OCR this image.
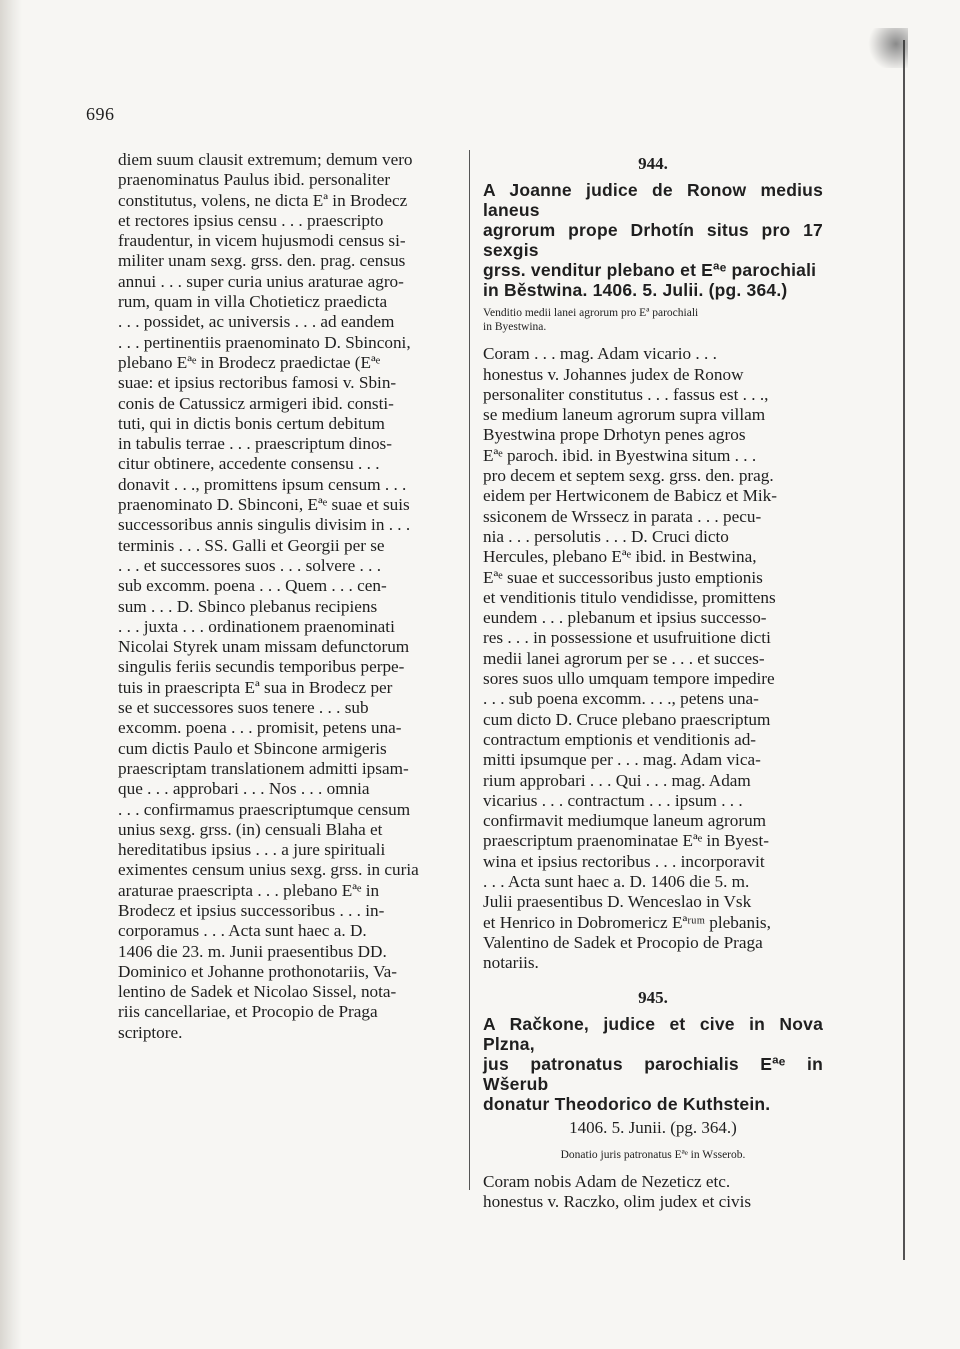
696

diem suum clausit extremum; demum vero

praenominatus Paulus ibid. personaliter

constitutus, volens, ne dicta Eª in Brodecz

et rectores ipsius censu . . . praescripto

fraudentur, in vicem hujusmodi census si-

militer unam sexg. grss. den. prag. census

annui . . . super curia unius araturae agro-

rum, quam in villa Chotieticz praedicta

. . . possidet, ac universis . . . ad eandem

. . . pertinentiis praenominato D. Sbinconi,

plebano Eªᵉ in Brodecz praedictae (Eªᵉ

suae: et ipsius rectoribus famosi v. Sbin-

conis de Catussicz armigeri ibid. consti-

tuti, qui in dictis bonis certum debitum

in tabulis terrae . . . praescriptum dinos-

citur obtinere, accedente consensu . . .

donavit . . ., promittens ipsum censum . . .

praenominato D. Sbinconi, Eªᵉ suae et suis

successoribus annis singulis divisim in . . .

terminis . . . SS. Galli et Georgii per se

. . . et successores suos . . . solvere . . .

sub excomm. poena . . . Quem . . . cen-

sum . . . D. Sbinco plebanus recipiens

. . . juxta . . . ordinationem praenominati

Nicolai Styrek unam missam defunctorum

singulis feriis secundis temporibus perpe-

tuis in praescripta Eª sua in Brodecz per

se et successores suos tenere . . . sub

excomm. poena . . . promisit, petens una-

cum dictis Paulo et Sbincone armigeris

praescriptam translationem admitti ipsam-

que . . . approbari . . . Nos . . . omnia

. . . confirmamus praescriptumque censum

unius sexg. grss. (in) censuali Blaha et

hereditatibus ipsius . . . a jure spirituali

eximentes censum unius sexg. grss. in curia

araturae praescripta . . . plebano Eªᵉ in

Brodecz et ipsius successoribus . . . in-

corporamus . . . Acta sunt haec a. D.

1406 die 23. m. Junii praesentibus DD.

Dominico et Johanne prothonotariis, Va-

lentino de Sadek et Nicolao Sissel, nota-

riis cancellariae, et Procopio de Praga

scriptore.

944.

A Joanne judice de Ronow medius laneus

agrorum prope Drhotín situs pro 17 sexgis

grss. venditur plebano et Eªᵉ parochiali

in Běstwina. 1406. 5. Julii. (pg. 364.)

Venditio medii lanei agrorum pro Eª parochiali

in Byestwina.

Coram . . . mag. Adam vicario . . .

honestus v. Johannes judex de Ronow

personaliter constitutus . . . fassus est . . .,

se medium laneum agrorum supra villam

Byestwina prope Drhotyn penes agros

Eªᵉ paroch. ibid. in Byestwina situm . . .

pro decem et septem sexg. grss. den. prag.

eidem per Hertwiconem de Babicz et Mik-

ssiconem de Wrssecz in parata . . . pecu-

nia . . . persolutis . . . D. Cruci dicto

Hercules, plebano Eªᵉ ibid. in Bestwina,

Eªᵉ suae et successoribus justo emptionis

et venditionis titulo vendidisse, promittens

eundem . . . plebanum et ipsius successo-

res . . . in possessione et usufruitione dicti

medii lanei agrorum per se . . . et succes-

sores suos ullo umquam tempore impedire

. . . sub poena excomm. . . ., petens una-

cum dicto D. Cruce plebano praescriptum

contractum emptionis et venditionis ad-

mitti ipsumque per . . . mag. Adam vica-

rium approbari . . . Qui . . . mag. Adam

vicarius . . . contractum . . . ipsum . . .

confirmavit mediumque laneum agrorum

praescriptum praenominatae Eªᵉ in Byest-

wina et ipsius rectoribus . . . incorporavit

. . . Acta sunt haec a. D. 1406 die 5. m.

Julii praesentibus D. Wenceslao in Vsk

et Henrico in Dobromericz Eªʳᵘᵐ plebanis,

Valentino de Sadek et Procopio de Praga

notariis.

945.

A Račkone, judice et cive in Nova Plzna,

jus patronatus parochialis Eªᵉ in Wšerub

donatur Theodorico de Kuthstein.

1406. 5. Junii. (pg. 364.)
Donatio juris patronatus Eªᵉ in Wsserob.

Coram nobis Adam de Nezeticz etc.

honestus v. Raczko, olim judex et civis
